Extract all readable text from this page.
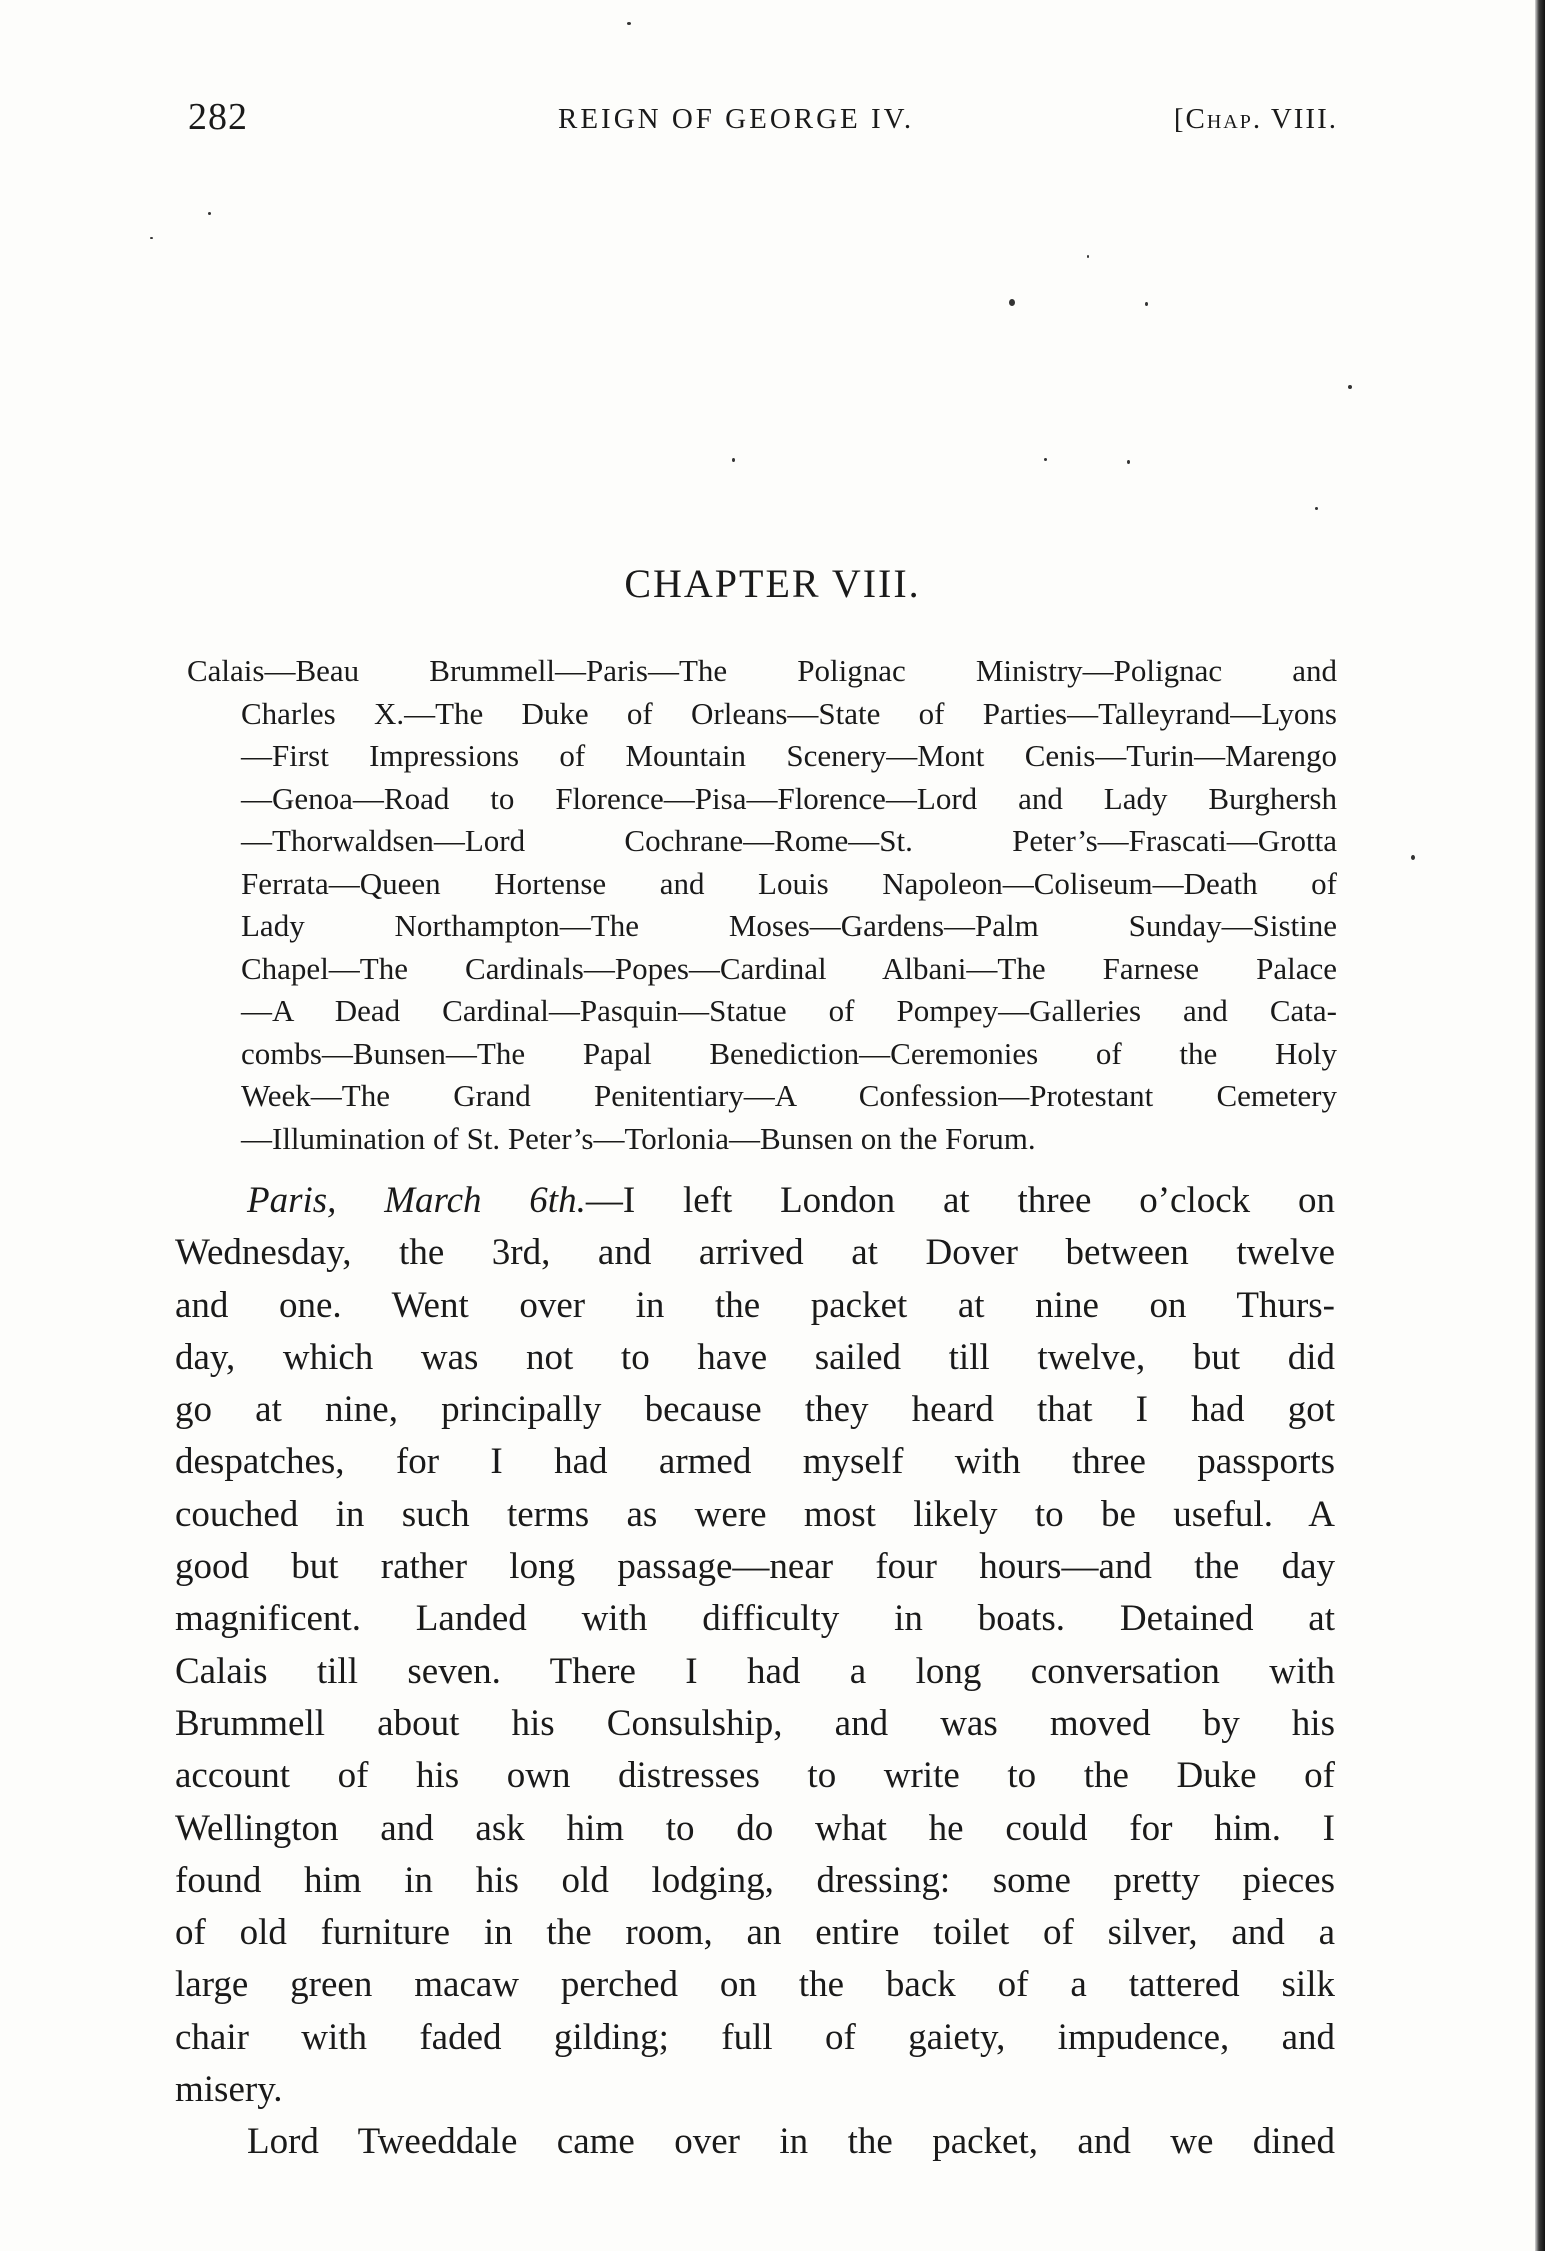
282	REIGN OF GEORGE IV.	[Chap. VIII.
CHAPTER VIII.
Calais—Beau Brummell—Paris—The Polignac Ministry—Polignac and
Charles X.—The Duke of Orleans—State of Parties—Talleyrand—Lyons
—First Impressions of Mountain Scenery—Mont Cenis—Turin—Marengo
—Genoa—Road to Florence—Pisa—Florence—Lord and Lady Burghersh
—Thorwaldsen—Lord Cochrane—Rome—St. Peter’s—Frascati—Grotta
Ferrata—Queen Hortense and Louis Napoleon—Coliseum—Death of
Lady Northampton—The Moses—Gardens—Palm Sunday—Sistine
Chapel—The Cardinals—Popes—Cardinal Albani—The Farnese Palace
—A Dead Cardinal—Pasquin—Statue of Pompey—Galleries and Cata-
combs—Bunsen—The Papal Benediction—Ceremonies of the Holy
Week—The Grand Penitentiary—A Confession—Protestant Cemetery
—Illumination of St. Peter’s—Torlonia—Bunsen on the Forum.
Paris, March 6th.—I left London at three o’clock on
Wednesday, the 3rd, and arrived at Dover between twelve
and one. Went over in the packet at nine on Thurs-
day, which was not to have sailed till twelve, but did
go at nine, principally because they heard that I had got
despatches, for I had armed myself with three passports
couched in such terms as were most likely to be useful. A
good but rather long passage—near four hours—and the day
magnificent. Landed with difficulty in boats. Detained at
Calais till seven. There I had a long conversation with
Brummell about his Consulship, and was moved by his
account of his own distresses to write to the Duke of
Wellington and ask him to do what he could for him. I
found him in his old lodging, dressing: some pretty pieces
of old furniture in the room, an entire toilet of silver, and a
large green macaw perched on the back of a tattered silk
chair with faded gilding; full of gaiety, impudence, and
misery.
Lord Tweeddale came over in the packet, and we dined
